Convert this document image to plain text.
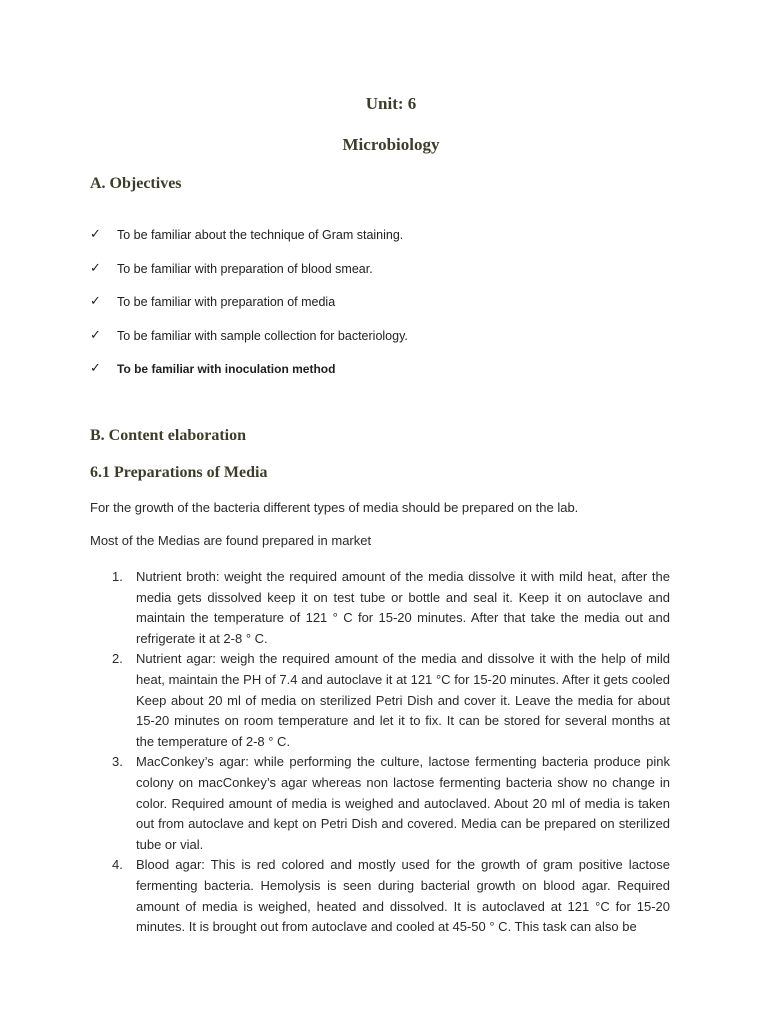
Unit: 6
Microbiology
A. Objectives
✓ To be familiar about the technique of Gram staining.
✓ To be familiar with preparation of blood smear.
✓ To be familiar with preparation of media
✓ To be familiar with sample collection for bacteriology.
✓ To be familiar with inoculation method
B. Content elaboration
6.1 Preparations of Media
For the growth of the bacteria different types of media should be prepared on the lab.
Most of the Medias are found prepared in market
1. Nutrient broth: weight the required amount of the media dissolve it with mild heat, after the media gets dissolved keep it on test tube or bottle and seal it. Keep it on autoclave and maintain the temperature of 121 ° C for 15-20 minutes. After that take the media out and refrigerate it at 2-8 ° C.
2. Nutrient agar: weigh the required amount of the media and dissolve it with the help of mild heat, maintain the PH of 7.4 and autoclave it at 121 °C for 15-20 minutes. After it gets cooled Keep about 20 ml of media on sterilized Petri Dish and cover it. Leave the media for about 15-20 minutes on room temperature and let it to fix. It can be stored for several months at the temperature of 2-8 ° C.
3. MacConkey’s agar: while performing the culture, lactose fermenting bacteria produce pink colony on macConkey’s agar whereas non lactose fermenting bacteria show no change in color. Required amount of media is weighed and autoclaved. About 20 ml of media is taken out from autoclave and kept on Petri Dish and covered. Media can be prepared on sterilized tube or vial.
4. Blood agar: This is red colored and mostly used for the growth of gram positive lactose fermenting bacteria. Hemolysis is seen during bacterial growth on blood agar. Required amount of media is weighed, heated and dissolved. It is autoclaved at 121 °C for 15-20 minutes. It is brought out from autoclave and cooled at 45-50 ° C. This task can also be
